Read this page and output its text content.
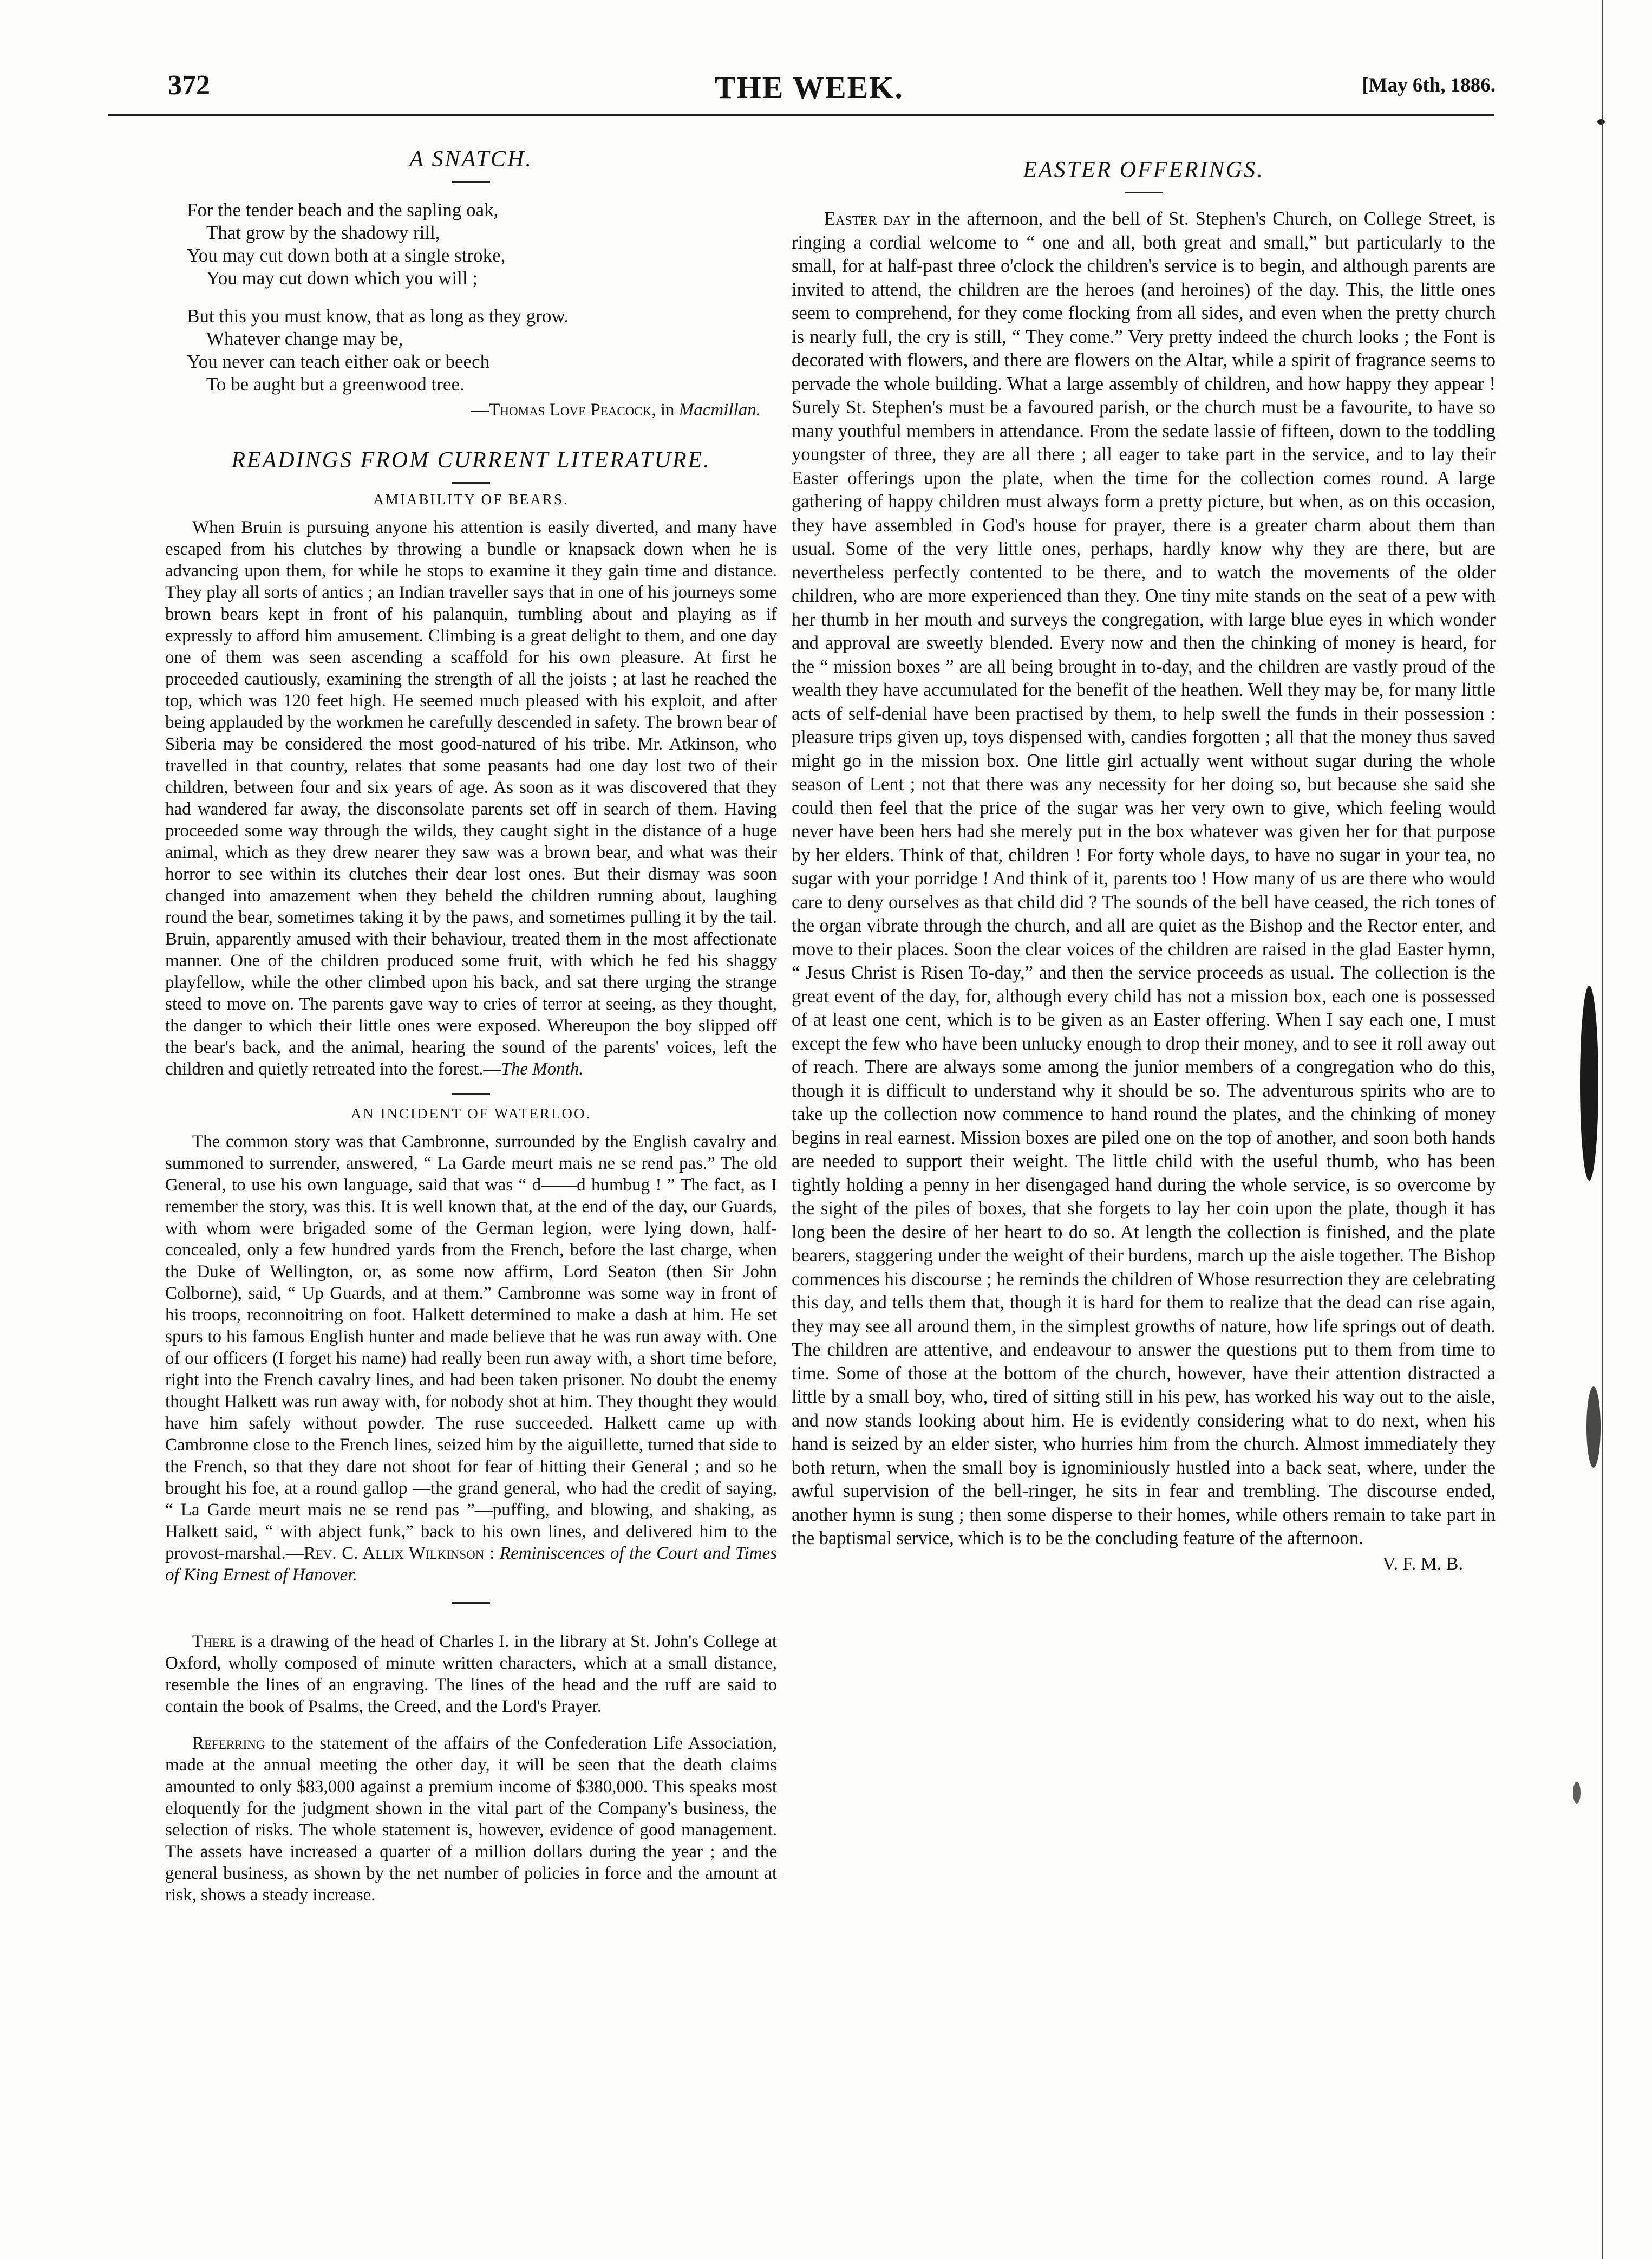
372	THE WEEK.	[May 6th, 1886.
A SNATCH.
For the tender beach and the sapling oak,
That grow by the shadowy rill,
You may cut down both at a single stroke,
You may cut down which you will ;
But this you must know, that as long as they grow.
Whatever change may be,
You never can teach either oak or beech
To be aught but a greenwood tree.
—Thomas Love Peacock, in Macmillan.
READINGS FROM CURRENT LITERATURE.
AMIABILITY OF BEARS.

When Bruin is pursuing anyone his attention is easily diverted, and many have escaped from his clutches by throwing a bundle or knapsack down when he is advancing upon them, for while he stops to examine it they gain time and distance. They play all sorts of antics ; an Indian traveller says that in one of his journeys some brown bears kept in front of his palanquin, tumbling about and playing as if expressly to afford him amusement. Climbing is a great delight to them, and one day one of them was seen ascending a scaffold for his own pleasure. At first he proceeded cautiously, examining the strength of all the joists ; at last he reached the top, which was 120 feet high. He seemed much pleased with his exploit, and after being applauded by the workmen he carefully descended in safety. The brown bear of Siberia may be considered the most good-natured of his tribe. Mr. Atkinson, who travelled in that country, relates that some peasants had one day lost two of their children, between four and six years of age. As soon as it was discovered that they had wandered far away, the disconsolate parents set off in search of them. Having proceeded some way through the wilds, they caught sight in the distance of a huge animal, which as they drew nearer they saw was a brown bear, and what was their horror to see within its clutches their dear lost ones. But their dismay was soon changed into amazement when they beheld the children running about, laughing round the bear, sometimes taking it by the paws, and sometimes pulling it by the tail. Bruin, apparently amused with their behaviour, treated them in the most affectionate manner. One of the children produced some fruit, with which he fed his shaggy playfellow, while the other climbed upon his back, and sat there urging the strange steed to move on. The parents gave way to cries of terror at seeing, as they thought, the danger to which their little ones were exposed. Whereupon the boy slipped off the bear's back, and the animal, hearing the sound of the parents' voices, left the children and quietly retreated into the forest.—The Month.

AN INCIDENT OF WATERLOO.

The common story was that Cambronne, surrounded by the English cavalry and summoned to surrender, answered, “ La Garde meurt mais ne se rend pas.” The old General, to use his own language, said that was “ d——d humbug ! ” The fact, as I remember the story, was this. It is well known that, at the end of the day, our Guards, with whom were brigaded some of the German legion, were lying down, half-concealed, only a few hundred yards from the French, before the last charge, when the Duke of Wellington, or, as some now affirm, Lord Seaton (then Sir John Colborne), said, “ Up Guards, and at them.” Cambronne was some way in front of his troops, reconnoitring on foot. Halkett determined to make a dash at him. He set spurs to his famous English hunter and made believe that he was run away with. One of our officers (I forget his name) had really been run away with, a short time before, right into the French cavalry lines, and had been taken prisoner. No doubt the enemy thought Halkett was run away with, for nobody shot at him. They thought they would have him safely without powder. The ruse succeeded. Halkett came up with Cambronne close to the French lines, seized him by the aiguillette, turned that side to the French, so that they dare not shoot for fear of hitting their General ; and so he brought his foe, at a round gallop —the grand general, who had the credit of saying, “ La Garde meurt mais ne se rend pas ”—puffing, and blowing, and shaking, as Halkett said, “ with abject funk,” back to his own lines, and delivered him to the provost-marshal.—Rev. C. Allix Wilkinson : Reminiscences of the Court and Times of King Ernest of Hanover.

There is a drawing of the head of Charles I. in the library at St. John's College at Oxford, wholly composed of minute written characters, which at a small distance, resemble the lines of an engraving. The lines of the head and the ruff are said to contain the book of Psalms, the Creed, and the Lord's Prayer.

Referring to the statement of the affairs of the Confederation Life Association, made at the annual meeting the other day, it will be seen that the death claims amounted to only $83,000 against a premium income of $380,000. This speaks most eloquently for the judgment shown in the vital part of the Company's business, the selection of risks. The whole statement is, however, evidence of good management. The assets have increased a quarter of a million dollars during the year ; and the general business, as shown by the net number of policies in force and the amount at risk, shows a steady increase.

EASTER OFFERINGS.

Easter day in the afternoon, and the bell of St. Stephen's Church, on College Street, is ringing a cordial welcome to “ one and all, both great and small,” but particularly to the small, for at half-past three o'clock the children's service is to begin, and although parents are invited to attend, the children are the heroes (and heroines) of the day. This, the little ones seem to comprehend, for they come flocking from all sides, and even when the pretty church is nearly full, the cry is still, “ They come.” Very pretty indeed the church looks ; the Font is decorated with flowers, and there are flowers on the Altar, while a spirit of fragrance seems to pervade the whole building. What a large assembly of children, and how happy they appear ! Surely St. Stephen's must be a favoured parish, or the church must be a favourite, to have so many youthful members in attendance. From the sedate lassie of fifteen, down to the toddling youngster of three, they are all there ; all eager to take part in the service, and to lay their Easter offerings upon the plate, when the time for the collection comes round. A large gathering of happy children must always form a pretty picture, but when, as on this occasion, they have assembled in God's house for prayer, there is a greater charm about them than usual. Some of the very little ones, perhaps, hardly know why they are there, but are nevertheless perfectly contented to be there, and to watch the movements of the older children, who are more experienced than they. One tiny mite stands on the seat of a pew with her thumb in her mouth and surveys the congregation, with large blue eyes in which wonder and approval are sweetly blended. Every now and then the chinking of money is heard, for the “ mission boxes ” are all being brought in to-day, and the children are vastly proud of the wealth they have accumulated for the benefit of the heathen. Well they may be, for many little acts of self-denial have been practised by them, to help swell the funds in their possession : pleasure trips given up, toys dispensed with, candies forgotten ; all that the money thus saved might go in the mission box. One little girl actually went without sugar during the whole season of Lent ; not that there was any necessity for her doing so, but because she said she could then feel that the price of the sugar was her very own to give, which feeling would never have been hers had she merely put in the box whatever was given her for that purpose by her elders. Think of that, children ! For forty whole days, to have no sugar in your tea, no sugar with your porridge ! And think of it, parents too ! How many of us are there who would care to deny ourselves as that child did ? The sounds of the bell have ceased, the rich tones of the organ vibrate through the church, and all are quiet as the Bishop and the Rector enter, and move to their places. Soon the clear voices of the children are raised in the glad Easter hymn, “ Jesus Christ is Risen To-day,” and then the service proceeds as usual. The collection is the great event of the day, for, although every child has not a mission box, each one is possessed of at least one cent, which is to be given as an Easter offering. When I say each one, I must except the few who have been unlucky enough to drop their money, and to see it roll away out of reach. There are always some among the junior members of a congregation who do this, though it is difficult to understand why it should be so. The adventurous spirits who are to take up the collection now commence to hand round the plates, and the chinking of money begins in real earnest. Mission boxes are piled one on the top of another, and soon both hands are needed to support their weight. The little child with the useful thumb, who has been tightly holding a penny in her disengaged hand during the whole service, is so overcome by the sight of the piles of boxes, that she forgets to lay her coin upon the plate, though it has long been the desire of her heart to do so. At length the collection is finished, and the plate bearers, staggering under the weight of their burdens, march up the aisle together. The Bishop commences his discourse ; he reminds the children of Whose resurrection they are celebrating this day, and tells them that, though it is hard for them to realize that the dead can rise again, they may see all around them, in the simplest growths of nature, how life springs out of death. The children are attentive, and endeavour to answer the questions put to them from time to time. Some of those at the bottom of the church, however, have their attention distracted a little by a small boy, who, tired of sitting still in his pew, has worked his way out to the aisle, and now stands looking about him. He is evidently considering what to do next, when his hand is seized by an elder sister, who hurries him from the church. Almost immediately they both return, when the small boy is ignominiously hustled into a back seat, where, under the awful supervision of the bell-ringer, he sits in fear and trembling. The discourse ended, another hymn is sung ; then some disperse to their homes, while others remain to take part in the baptismal service, which is to be the concluding feature of the afternoon.

V. F. M. B.
